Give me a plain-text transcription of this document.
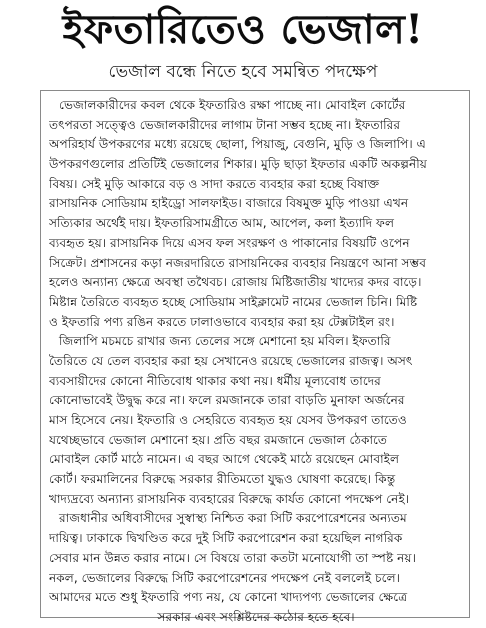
ইফতারিতেও ভেজাল!
ভেজাল বন্ধে নিতে হবে সমন্বিত পদক্ষেপ
ভেজালকারীদের কবল থেকে ইফতারিও রক্ষা পাচ্ছে না। মোবাইল কোর্টের
তৎপরতা সত্ত্বেও ভেজালকারীদের লাগাম টানা সম্ভব হচ্ছে না। ইফতারির
অপরিহার্য উপকরণের মধ্যে রয়েছে ছোলা, পিয়াজু, বেগুনি, মুড়ি ও জিলাপি। এ
উপকরণগুলোর প্রতিটিই ভেজালের শিকার। মুড়ি ছাড়া ইফতার একটি অকল্পনীয়
বিষয়। সেই মুড়ি আকারে বড় ও সাদা করতে ব্যবহার করা হচ্ছে বিষাক্ত
রাসায়নিক সোডিয়াম হাইড্রো সালফাইড। বাজারে বিষমুক্ত মুড়ি পাওয়া এখন
সত্যিকার অর্থেই দায়। ইফতারিসামগ্রীতে আম, আপেল, কলা ইত্যাদি ফল
ব্যবহৃত হয়। রাসায়নিক দিয়ে এসব ফল সংরক্ষণ ও পাকানোর বিষয়টি ওপেন
সিক্রেট। প্রশাসনের কড়া নজরদারিতে রাসায়নিকের ব্যবহার নিয়ন্ত্রণে আনা সম্ভব
হলেও অন্যান্য ক্ষেত্রে অবস্থা তথৈবচ। রোজায় মিষ্টিজাতীয় খাদ্যের কদর বাড়ে।
মিষ্টান্ন তৈরিতে ব্যবহৃত হচ্ছে সোডিয়াম সাইক্লামেট নামের ভেজাল চিনি। মিষ্টি
ও ইফতারি পণ্য রঙিন করতে ঢালাওভাবে ব্যবহার করা হয় টেক্সটাইল রং।
জিলাপি মচমচে রাখার জন্য তেলের সঙ্গে মেশানো হয় মবিল। ইফতারি
তৈরিতে যে তেল ব্যবহার করা হয় সেখানেও রয়েছে ভেজালের রাজত্ব। অসৎ
ব্যবসায়ীদের কোনো নীতিবোধ থাকার কথা নয়। ধর্মীয় মূল্যবোধ তাদের
কোনোভাবেই উদ্বুদ্ধ করে না। ফলে রমজানকে তারা বাড়তি মুনাফা অর্জনের
মাস হিসেবে নেয়। ইফতারি ও সেহরিতে ব্যবহৃত হয় যেসব উপকরণ তাতেও
যথেচ্ছভাবে ভেজাল মেশানো হয়। প্রতি বছর রমজানে ভেজাল ঠেকাতে
মোবাইল কোর্ট মাঠে নামেন। এ বছর আগে থেকেই মাঠে রয়েছেন মোবাইল
কোর্ট। ফরমালিনের বিরুদ্ধে সরকার রীতিমতো যুদ্ধও ঘোষণা করেছে। কিন্তু
খাদ্যদ্রব্যে অন্যান্য রাসায়নিক ব্যবহারের বিরুদ্ধে কার্যত কোনো পদক্ষেপ নেই।
রাজধানীর অধিবাসীদের সুস্বাস্থ্য নিশ্চিত করা সিটি করপোরেশনের অন্যতম
দায়িত্ব। ঢাকাকে দ্বিখণ্ডিত করে দুই সিটি করপোরেশন করা হয়েছিল নাগরিক
সেবার মান উন্নত করার নামে। সে বিষয়ে তারা কতটা মনোযোগী তা স্পষ্ট নয়।
নকল, ভেজালের বিরুদ্ধে সিটি করপোরেশনের পদক্ষেপ নেই বললেই চলে।
আমাদের মতে শুধু ইফতারি পণ্য নয়, যে কোনো খাদ্যপণ্য ভেজালের ক্ষেত্রে
সরকার এবং সংশ্লিষ্টদের কঠোর হতে হবে।
